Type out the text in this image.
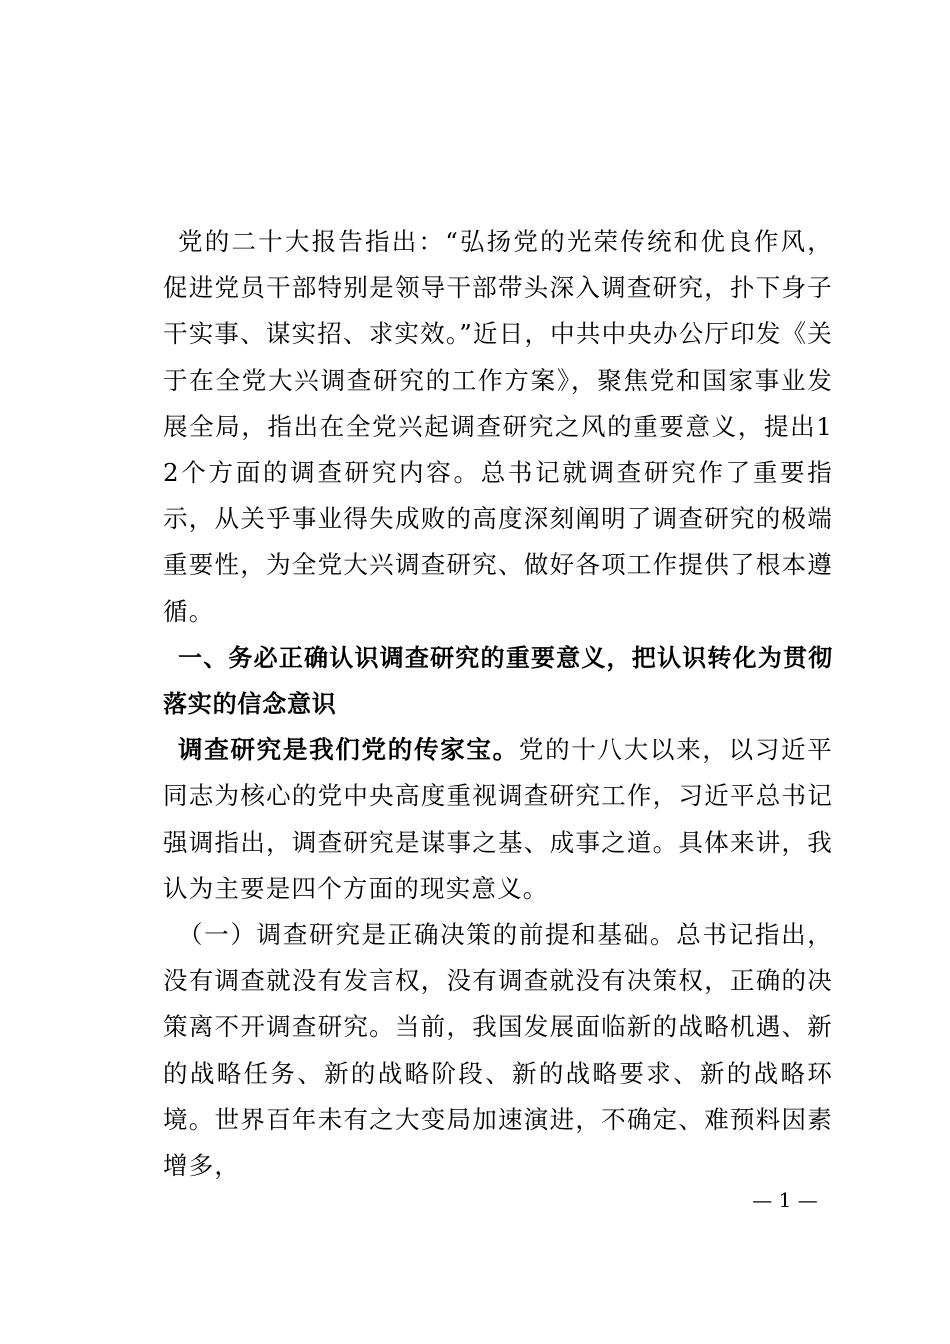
党的二十大报告指出：“弘扬党的光荣传统和优良作风，促进党员干部特别是领导干部带头深入调查研究，扑下身子干实事、谋实招、求实效。”近日，中共中央办公厅印发《关于在全党大兴调查研究的工作方案》，聚焦党和国家事业发展全局，指出在全党兴起调查研究之风的重要意义，提出12个方面的调查研究内容。总书记就调查研究作了重要指示，从关乎事业得失成败的高度深刻阐明了调查研究的极端重要性，为全党大兴调查研究、做好各项工作提供了根本遵循。

一、务必正确认识调查研究的重要意义，把认识转化为贯彻落实的信念意识

调查研究是我们党的传家宝。党的十八大以来，以习近平同志为核心的党中央高度重视调查研究工作，习近平总书记强调指出，调查研究是谋事之基、成事之道。具体来讲，我认为主要是四个方面的现实意义。

（一）调查研究是正确决策的前提和基础。总书记指出，没有调查就没有发言权，没有调查就没有决策权，正确的决策离不开调查研究。当前，我国发展面临新的战略机遇、新的战略任务、新的战略阶段、新的战略要求、新的战略环境。世界百年未有之大变局加速演进，不确定、难预料因素增多，

— 1 —
